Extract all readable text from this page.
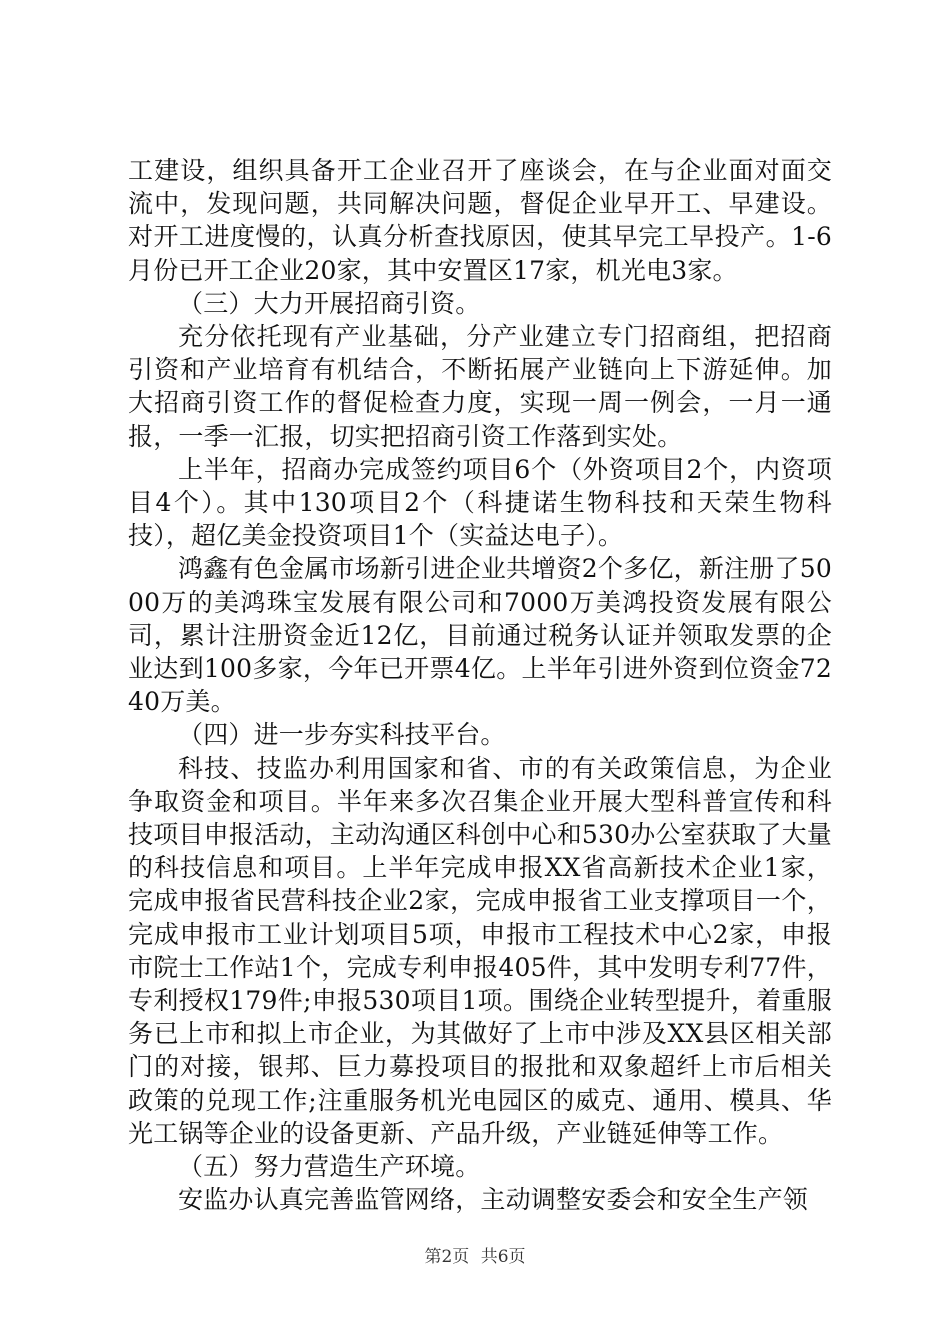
工建设，组织具备开工企业召开了座谈会，在与企业面对面交流中，发现问题，共同解决问题，督促企业早开工、早建设。对开工进度慢的，认真分析查找原因，使其早完工早投产。1-6月份已开工企业20家，其中安置区17家，机光电3家。

（三）大力开展招商引资。

充分依托现有产业基础，分产业建立专门招商组，把招商引资和产业培育有机结合，不断拓展产业链向上下游延伸。加大招商引资工作的督促检查力度，实现一周一例会，一月一通报，一季一汇报，切实把招商引资工作落到实处。

上半年，招商办完成签约项目6个（外资项目2个，内资项目4个）。其中130项目2个（科捷诺生物科技和天荣生物科技），超亿美金投资项目1个（实益达电子）。

鸿鑫有色金属市场新引进企业共增资2个多亿，新注册了5000万的美鸿珠宝发展有限公司和7000万美鸿投资发展有限公司，累计注册资金近12亿，目前通过税务认证并领取发票的企业达到100多家，今年已开票4亿。上半年引进外资到位资金7240万美。

（四）进一步夯实科技平台。

科技、技监办利用国家和省、市的有关政策信息，为企业争取资金和项目。半年来多次召集企业开展大型科普宣传和科技项目申报活动，主动沟通区科创中心和530办公室获取了大量的科技信息和项目。上半年完成申报XX省高新技术企业1家，完成申报省民营科技企业2家，完成申报省工业支撑项目一个，完成申报市工业计划项目5项，申报市工程技术中心2家，申报市院士工作站1个，完成专利申报405件，其中发明专利77件，专利授权179件;申报530项目1项。围绕企业转型提升，着重服务已上市和拟上市企业，为其做好了上市中涉及XX县区相关部门的对接，银邦、巨力募投项目的报批和双象超纤上市后相关政策的兑现工作;注重服务机光电园区的威克、通用、模具、华光工锅等企业的设备更新、产品升级，产业链延伸等工作。

（五）努力营造生产环境。

安监办认真完善监管网络，主动调整安委会和安全生产领

第2页 共6页
